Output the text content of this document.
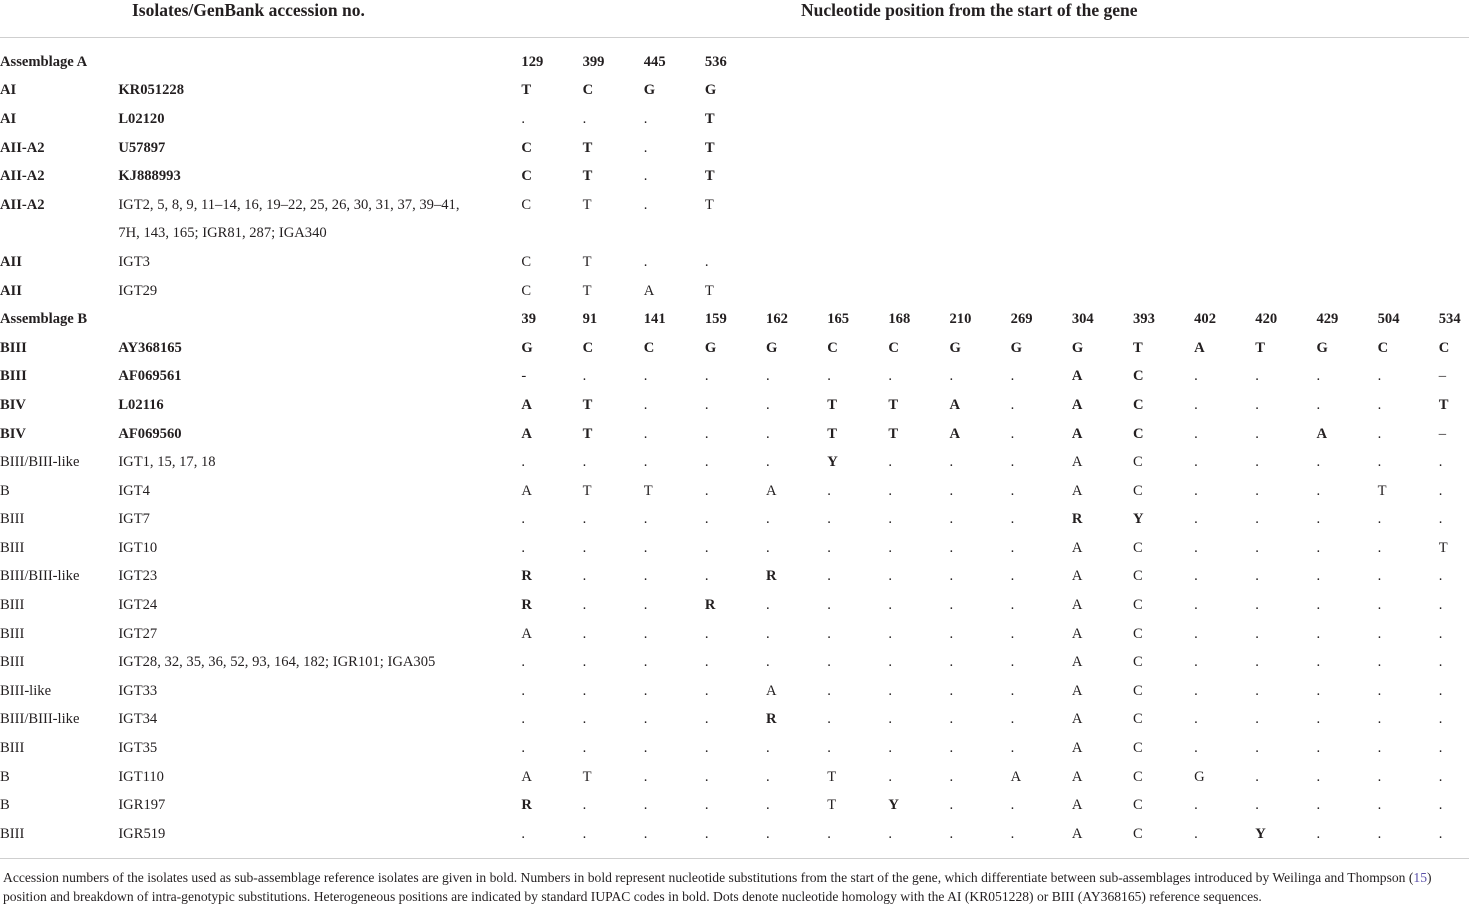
Isolates/GenBank accession no.	Nucleotide position from the start of the gene
Assemblage A		129	399	445	536												
AI	KR051228	T	C	G	G												
AI	L02120	.	.	.	T												
AII-A2	U57897	C	T	.	T												
AII-A2	KJ888993	C	T	.	T												
AII-A2	IGT2, 5, 8, 9, 11–14, 16, 19–22, 25, 26, 30, 31, 37, 39–41,	C	T	.	T												
	7H, 143, 165; IGR81, 287; IGA340																
AII	IGT3	C	T	.	.												
AII	IGT29	C	T	A	T												
Assemblage B		39	91	141	159	162	165	168	210	269	304	393	402	420	429	504	534
BIII	AY368165	G	C	C	G	G	C	C	G	G	G	T	A	T	G	C	C
BIII	AF069561	-	.	.	.	.	.	.	.	.	A	C	.	.	.	.	–
BIV	L02116	A	T	.	.	.	T	T	A	.	A	C	.	.	.	.	T
BIV	AF069560	A	T	.	.	.	T	T	A	.	A	C	.	.	A	.	–
BIII/BIII-like	IGT1, 15, 17, 18	.	.	.	.	.	Y	.	.	.	A	C	.	.	.	.	.
B	IGT4	A	T	T	.	A	.	.	.	.	A	C	.	.	.	T	.
BIII	IGT7	.	.	.	.	.	.	.	.	.	R	Y	.	.	.	.	.
BIII	IGT10	.	.	.	.	.	.	.	.	.	A	C	.	.	.	.	T
BIII/BIII-like	IGT23	R	.	.	.	R	.	.	.	.	A	C	.	.	.	.	.
BIII	IGT24	R	.	.	R	.	.	.	.	.	A	C	.	.	.	.	.
BIII	IGT27	A	.	.	.	.	.	.	.	.	A	C	.	.	.	.	.
BIII	IGT28, 32, 35, 36, 52, 93, 164, 182; IGR101; IGA305	.	.	.	.	.	.	.	.	.	A	C	.	.	.	.	.
BIII-like	IGT33	.	.	.	.	A	.	.	.	.	A	C	.	.	.	.	.
BIII/BIII-like	IGT34	.	.	.	.	R	.	.	.	.	A	C	.	.	.	.	.
BIII	IGT35	.	.	.	.	.	.	.	.	.	A	C	.	.	.	.	.
B	IGT110	A	T	.	.	.	T	.	.	A	A	C	G	.	.	.	.
B	IGR197	R	.	.	.	.	T	Y	.	.	A	C	.	.	.	.	.
BIII	IGR519	.	.	.	.	.	.	.	.	.	A	C	.	Y	.	.	.
Accession numbers of the isolates used as sub-assemblage reference isolates are given in bold. Numbers in bold represent nucleotide substitutions from the start of the gene, which differentiate between sub-assemblages introduced by Weilinga and Thompson (15) position and breakdown of intra-genotypic substitutions. Heterogeneous positions are indicated by standard IUPAC codes in bold. Dots denote nucleotide homology with the AI (KR051228) or BIII (AY368165) reference sequences.
